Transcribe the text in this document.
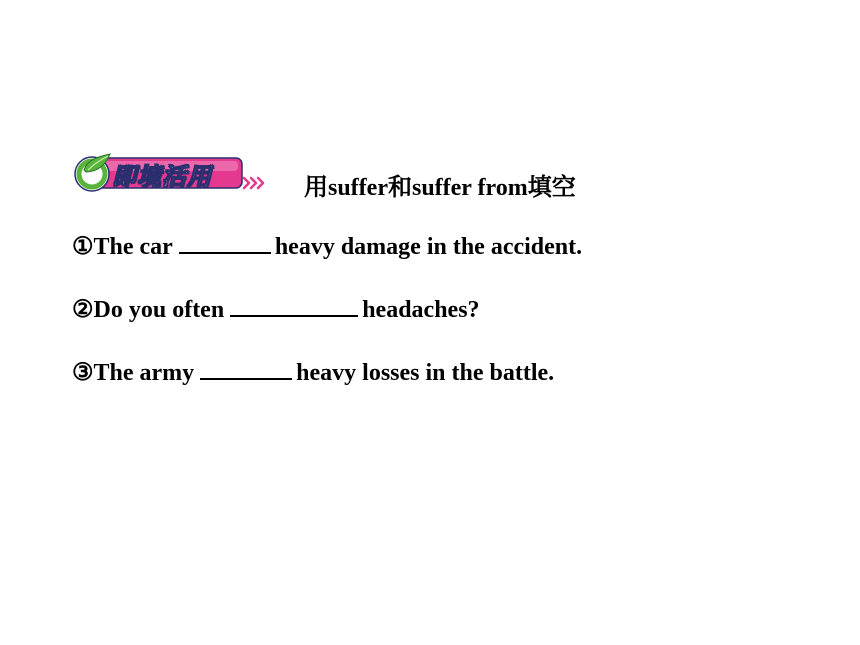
即境活用	用suffer和suffer from填空
①The car	heavy damage in the accident.
②Do you often	headaches?
③The army	heavy losses in the battle.
